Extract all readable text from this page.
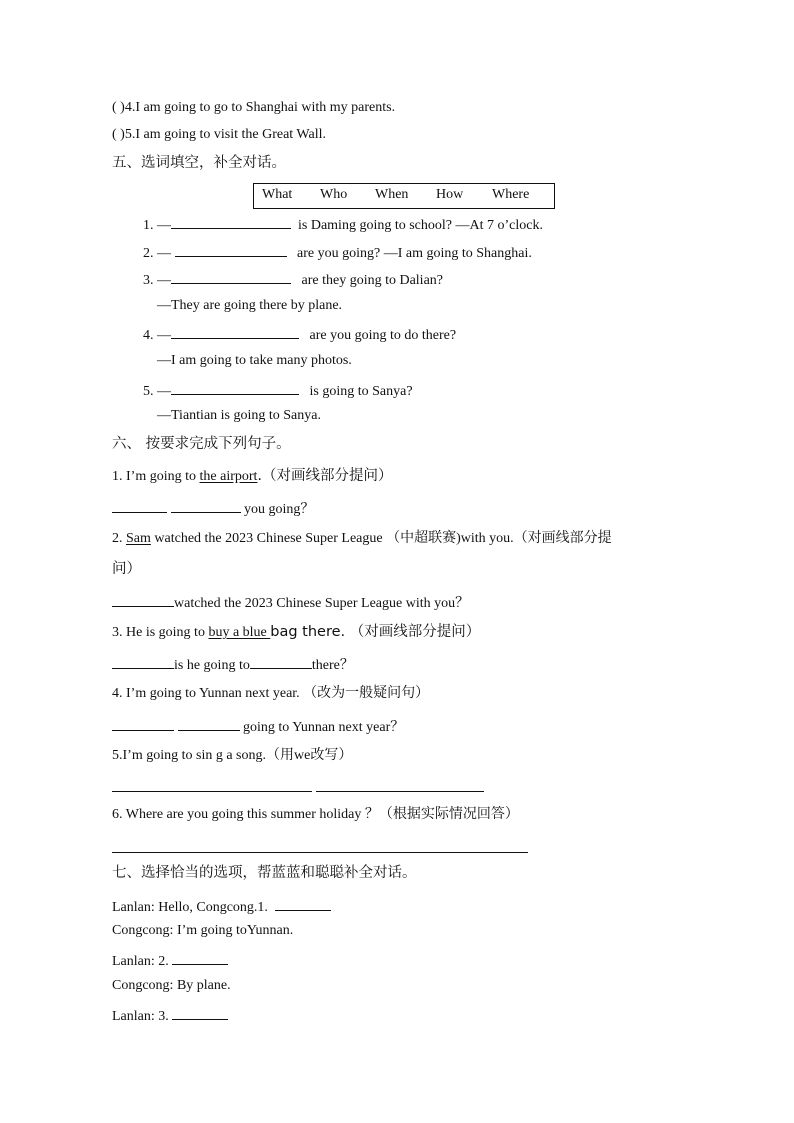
( )4.I am going to go to Shanghai with my parents.
( )5.I am going to visit the Great Wall.
五、选词填空，补全对话。
What Who When How Where
1. —	is Daming going to school? —At 7 o’clock.
2. —	are you going? —I am going to Shanghai.
3. —	are they going to Dalian?
—They are going there by plane.
4. —	are you going to do there?
—I am going to take many photos.
5. —	is going to Sanya?
—Tiantian is going to Sanya.
六、 按要求完成下列句子。
1. I’m going to the airport.（对画线部分提问）
you going？
2. Sam watched the 2023 Chinese Super League （中超联赛)with you.（对画线部分提
问）
watched the 2023 Chinese Super League with you？
3. He is going to buy a blue bag there. （对画线部分提问）
is he going to	there？
4. I’m going to Yunnan next year. （改为一般疑问句）
going to Yunnan next year？
5.I’m going to sin g a song.（用we改写）
6. Where are you going this summer holiday ？（根据实际情况回答）
七、选择恰当的选项，帮蓝蓝和聪聪补全对话。
Lanlan: Hello, Congcong.1.
Congcong: I’m going toYunnan.
Lanlan: 2.
Congcong: By plane.
Lanlan: 3.
